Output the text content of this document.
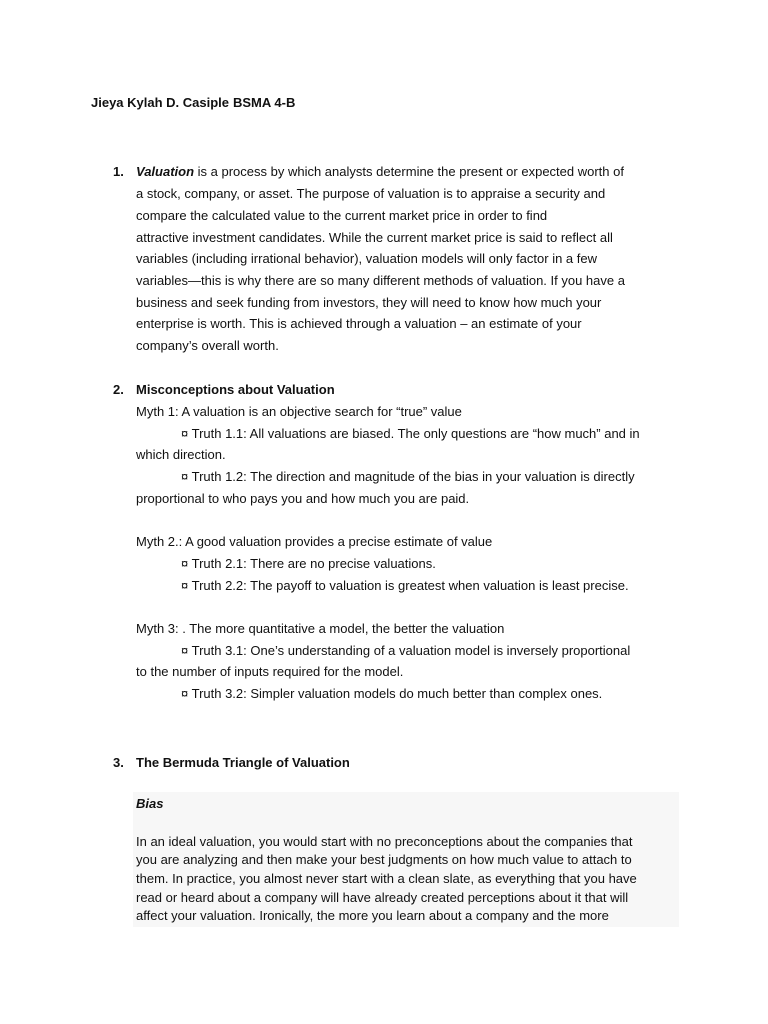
Jieya Kylah D. Casiple BSMA 4-B
1. Valuation is a process by which analysts determine the present or expected worth of
a stock, company, or asset. The purpose of valuation is to appraise a security and
compare the calculated value to the current market price in order to find
attractive investment candidates. While the current market price is said to reflect all
variables (including irrational behavior), valuation models will only factor in a few
variables—this is why there are so many different methods of valuation. If you have a
business and seek funding from investors, they will need to know how much your
enterprise is worth. This is achieved through a valuation – an estimate of your
company’s overall worth.
2. Misconceptions about Valuation
Myth 1: A valuation is an objective search for “true” value
¤ Truth 1.1: All valuations are biased. The only questions are “how much” and in
which direction.
¤ Truth 1.2: The direction and magnitude of the bias in your valuation is directly
proportional to who pays you and how much you are paid.
Myth 2.: A good valuation provides a precise estimate of value
¤ Truth 2.1: There are no precise valuations.
¤ Truth 2.2: The payoff to valuation is greatest when valuation is least precise.
Myth 3: . The more quantitative a model, the better the valuation
¤ Truth 3.1: One’s understanding of a valuation model is inversely proportional
to the number of inputs required for the model.
¤ Truth 3.2: Simpler valuation models do much better than complex ones.
3. The Bermuda Triangle of Valuation
Bias
In an ideal valuation, you would start with no preconceptions about the companies that
you are analyzing and then make your best judgments on how much value to attach to
them. In practice, you almost never start with a clean slate, as everything that you have
read or heard about a company will have already created perceptions about it that will
affect your valuation. Ironically, the more you learn about a company and the more
